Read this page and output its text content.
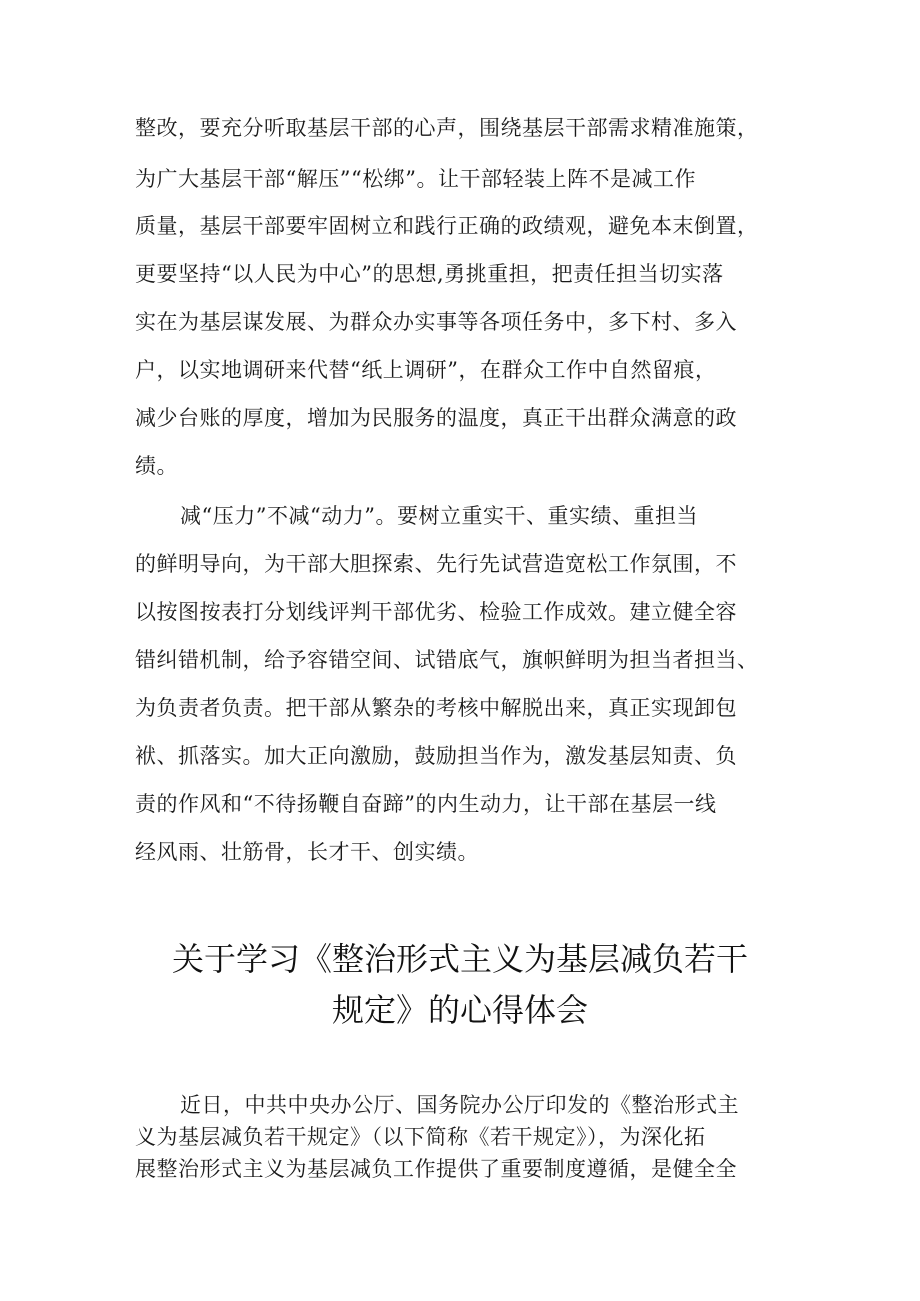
整改，要充分听取基层干部的心声，围绕基层干部需求精准施策，
为广大基层干部“解压”“松绑”。让干部轻装上阵不是减工作
质量，基层干部要牢固树立和践行正确的政绩观，避免本末倒置，
更要坚持“以人民为中心”的思想,勇挑重担，把责任担当切实落
实在为基层谋发展、为群众办实事等各项任务中，多下村、多入
户，以实地调研来代替“纸上调研”，在群众工作中自然留痕，
减少台账的厚度，增加为民服务的温度，真正干出群众满意的政
绩。
减“压力”不减“动力”。要树立重实干、重实绩、重担当
的鲜明导向，为干部大胆探索、先行先试营造宽松工作氛围，不
以按图按表打分划线评判干部优劣、检验工作成效。建立健全容
错纠错机制，给予容错空间、试错底气，旗帜鲜明为担当者担当、
为负责者负责。把干部从繁杂的考核中解脱出来，真正实现卸包
袱、抓落实。加大正向激励，鼓励担当作为，激发基层知责、负
责的作风和“不待扬鞭自奋蹄”的内生动力，让干部在基层一线
经风雨、壮筋骨，长才干、创实绩。
关于学习《整治形式主义为基层减负若干
规定》的心得体会
近日，中共中央办公厅、国务院办公厅印发的《整治形式主
义为基层减负若干规定》（以下简称《若干规定》），为深化拓
展整治形式主义为基层减负工作提供了重要制度遵循，是健全全
